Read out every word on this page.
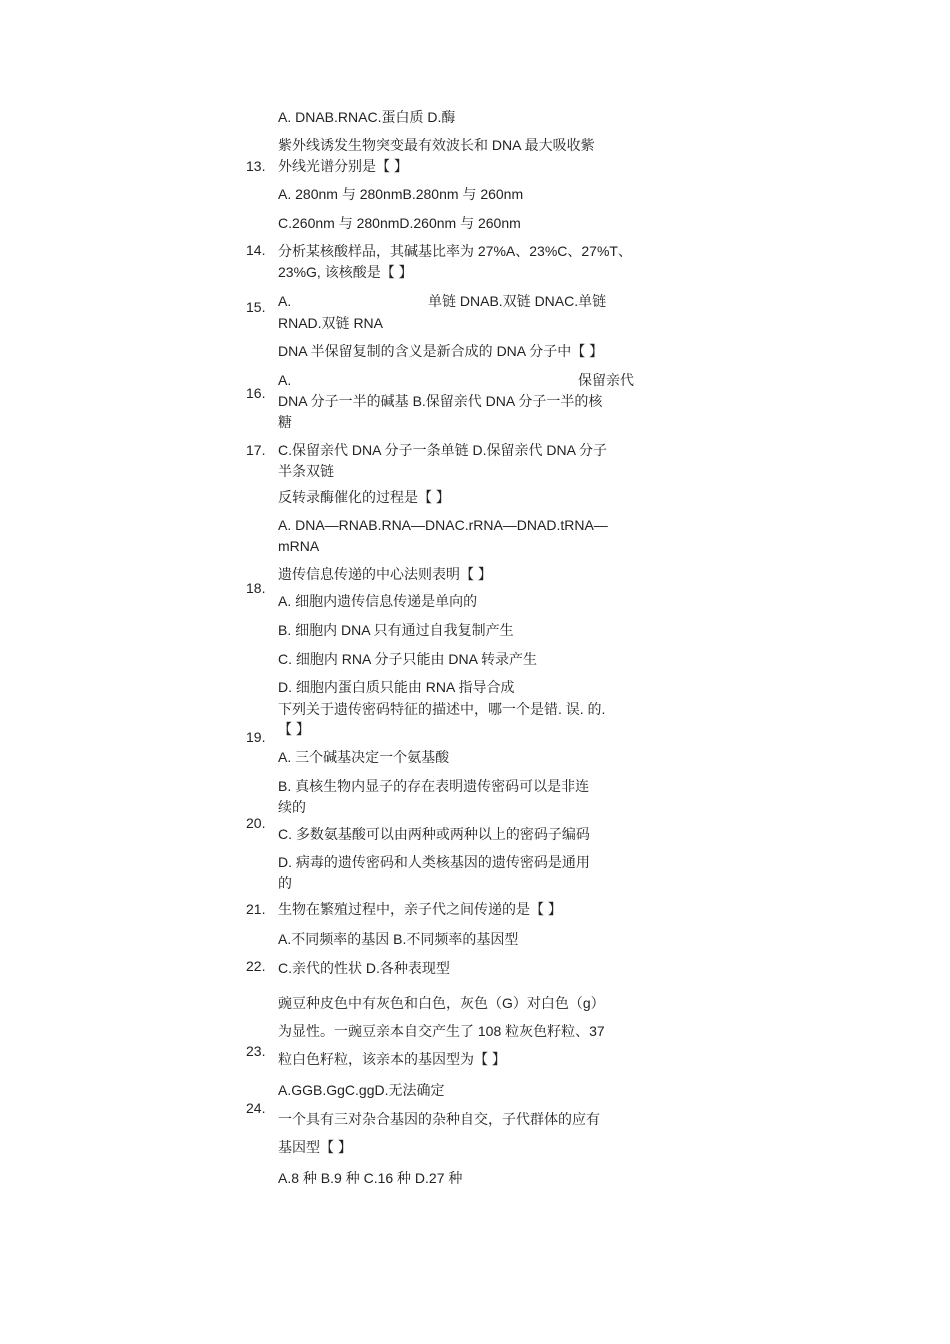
13.
14.
15.
16.
17.
18.
19.
20.
21.
22.
23.
24.
A. DNAB.RNAC.蛋白质 D.酶
紫外线诱发生物突变最有效波长和 DNA 最大吸收紫
外线光谱分别是【 】
A. 280nm 与 280nmB.280nm 与 260nm
C.260nm 与 280nmD.260nm 与 260nm
分析某核酸样品，其碱基比率为 27%A、23%C、27%T、
23%G, 该核酸是【 】
A.	单链 DNAB.双链 DNAC.单链
RNAD.双链 RNA
DNA 半保留复制的含义是新合成的 DNA 分子中【 】
A.	保留亲代
DNA 分子一半的碱基 B.保留亲代 DNA 分子一半的核
糖
C.保留亲代 DNA 分子一条单链 D.保留亲代 DNA 分子
半条双链
反转录酶催化的过程是【 】
A. DNA—RNAB.RNA—DNAC.rRNA—DNAD.tRNA—
mRNA
遗传信息传递的中心法则表明【 】
A. 细胞内遗传信息传递是单向的
B. 细胞内 DNA 只有通过自我复制产生
C. 细胞内 RNA 分子只能由 DNA 转录产生
D. 细胞内蛋白质只能由 RNA 指导合成
下列关于遗传密码特征的描述中，哪一个是错. 误. 的.
【 】
A. 三个碱基决定一个氨基酸
B. 真核生物内显子的存在表明遗传密码可以是非连
续的
C. 多数氨基酸可以由两种或两种以上的密码子编码
D. 病毒的遗传密码和人类核基因的遗传密码是通用
的
生物在繁殖过程中，亲子代之间传递的是【 】
A.不同频率的基因 B.不同频率的基因型
C.亲代的性状 D.各种表现型
豌豆种皮色中有灰色和白色，灰色（G）对白色（g）
为显性。一豌豆亲本自交产生了 108 粒灰色籽粒、37
粒白色籽粒，该亲本的基因型为【 】
A.GGB.GgC.ggD.无法确定
一个具有三对杂合基因的杂种自交，子代群体的应有
基因型【 】
A.8 种 B.9 种 C.16 种 D.27 种
